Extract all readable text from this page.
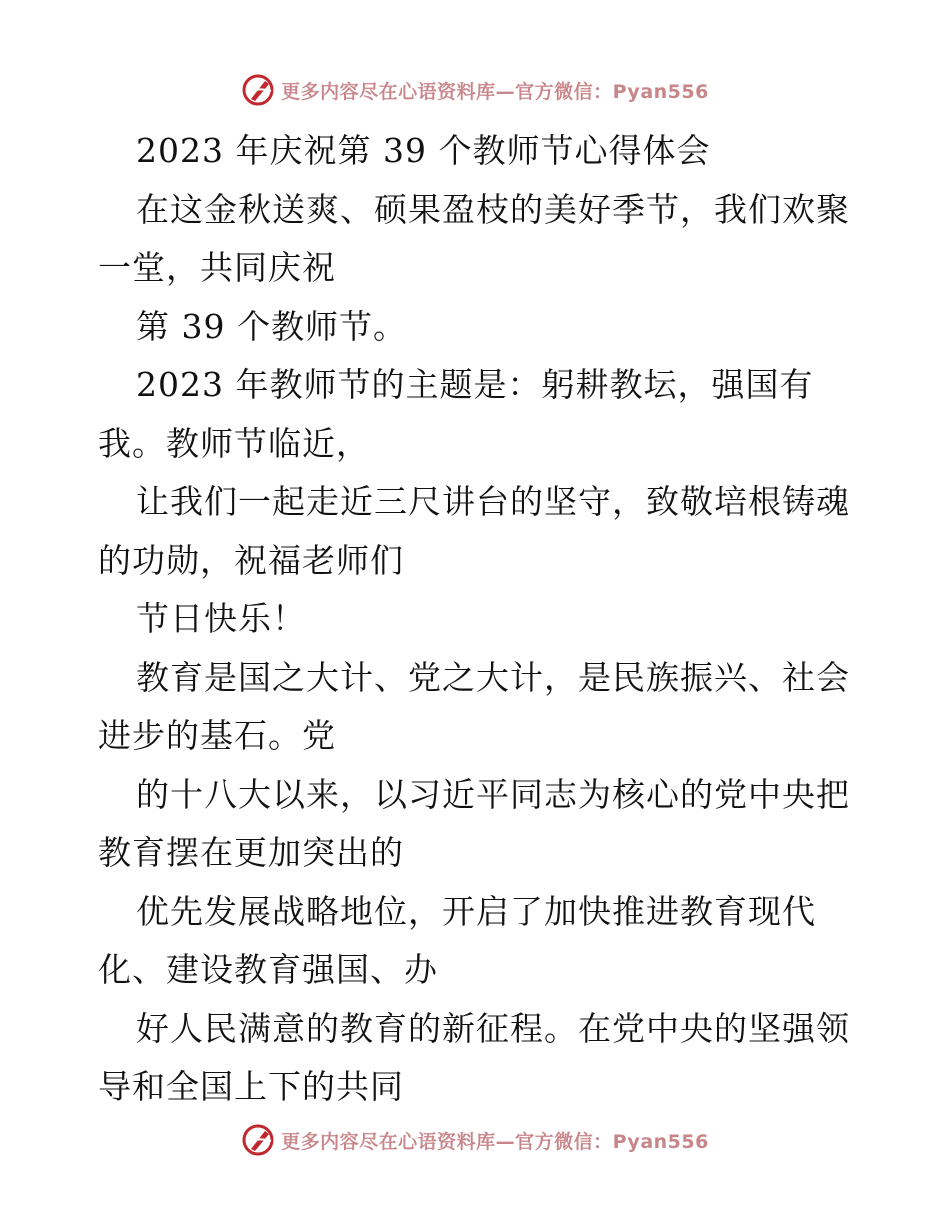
更多内容尽在心语资料库—官方微信：Pyan556
2023 年庆祝第 39 个教师节心得体会
在这金秋送爽、硕果盈枝的美好季节，我们欢聚
一堂，共同庆祝
第 39 个教师节。
2023 年教师节的主题是：躬耕教坛，强国有
我。教师节临近，
让我们一起走近三尺讲台的坚守，致敬培根铸魂
的功勋，祝福老师们
节日快乐！
教育是国之大计、党之大计，是民族振兴、社会
进步的基石。党
的十八大以来，以习近平同志为核心的党中央把
教育摆在更加突出的
优先发展战略地位，开启了加快推进教育现代
化、建设教育强国、办
好人民满意的教育的新征程。在党中央的坚强领
导和全国上下的共同
更多内容尽在心语资料库—官方微信：Pyan556
